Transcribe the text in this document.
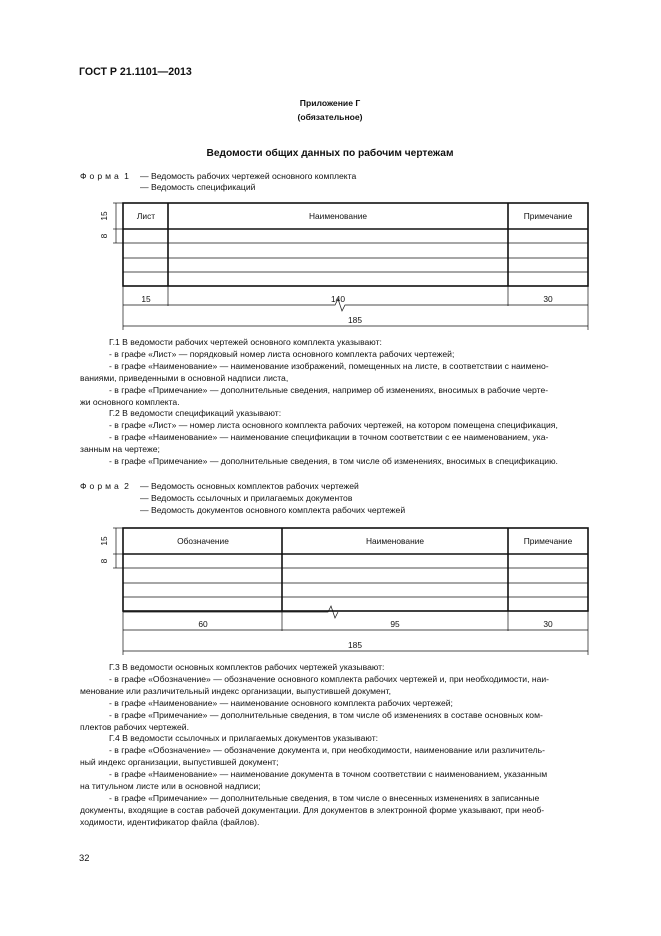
ГОСТ Р 21.1101—2013
Приложение Г
(обязательное)
Ведомости общих данных по рабочим чертежам
Форма 1 — Ведомость рабочих чертежей основного комплекта
— Ведомость спецификаций
Лист	Наименование	Примечание
15	140	30
185
15
8

Г.1 В ведомости рабочих чертежей основного комплекта указывают:

- в графе «Лист» — порядковый номер листа основного комплекта рабочих чертежей;

- в графе «Наименование» — наименование изображений, помещенных на листе, в соответствии с наимено-

ваниями, приведенными в основной надписи листа,

- в графе «Примечание» — дополнительные сведения, например об изменениях, вносимых в рабочие черте-

жи основного комплекта.

Г.2 В ведомости спецификаций указывают:

- в графе «Лист» — номер листа основного комплекта рабочих чертежей, на котором помещена спецификация,

- в графе «Наименование» — наименование спецификации в точном соответствии с ее наименованием, ука-

занным на чертеже;

- в графе «Примечание» — дополнительные сведения, в том числе об изменениях, вносимых в спецификацию.

Форма 2 — Ведомость основных комплектов рабочих чертежей
— Ведомость ссылочных и прилагаемых документов
— Ведомость документов основного комплекта рабочих чертежей
Обозначение	Наименование	Примечание
60	95	30
185
15
8

Г.3 В ведомости основных комплектов рабочих чертежей указывают:

- в графе «Обозначение» — обозначение основного комплекта рабочих чертежей и, при необходимости, наи-

менование или различительный индекс организации, выпустившей документ,

- в графе «Наименование» — наименование основного комплекта рабочих чертежей;

- в графе «Примечание» — дополнительные сведения, в том числе об изменениях в составе основных ком-

плектов рабочих чертежей.

Г.4 В ведомости ссылочных и прилагаемых документов указывают:

- в графе «Обозначение» — обозначение документа и, при необходимости, наименование или различитель-

ный индекс организации, выпустившей документ;

- в графе «Наименование» — наименование документа в точном соответствии с наименованием, указанным

на титульном листе или в основной надписи;

- в графе «Примечание» — дополнительные сведения, в том числе о внесенных изменениях в записанные

документы, входящие в состав рабочей документации. Для документов в электронной форме указывают, при необ-

ходимости, идентификатор файла (файлов).

32
